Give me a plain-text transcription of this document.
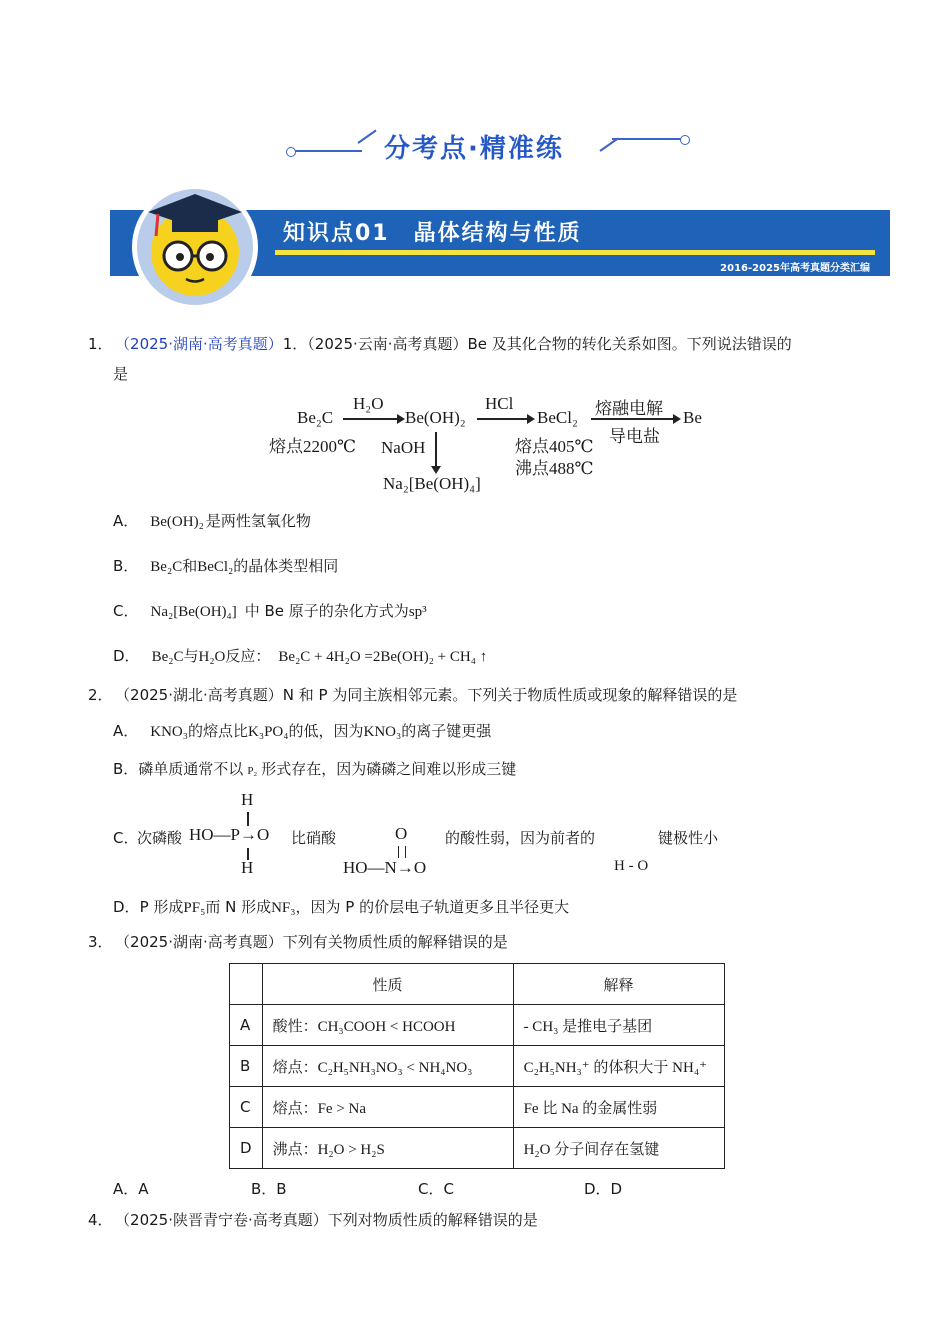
分考点·精准练
知识点01　晶体结构与性质
2016-2025年高考真题分类汇编
1． （2025·湖南·高考真题）1．（2025·云南·高考真题）Be 及其化合物的转化关系如图。下列说法错误的
是
Be₂C
熔点2200℃
H₂O
Be(OH)₂
HCl
BeCl₂
熔点405℃
沸点488℃
熔融电解
导电盐
Be
NaOH
Na₂[Be(OH)₄]
A． Be(OH)₂ 是两性氢氧化物
B． Be₂C和BeCl₂的晶体类型相同
C． Na₂[Be(OH)₄] 中 Be 原子的杂化方式为sp³
D． Be₂C与H₂O反应： Be₂C + 4H₂O =2Be(OH)₂ + CH₄ ↑
2． （2025·湖北·高考真题）N 和 P 为同主族相邻元素。下列关于物质性质或现象的解释错误的是
A． KNO₃的熔点比K₃PO₄的低，因为KNO₃的离子键更强
B．磷单质通常不以 P₂ 形式存在，因为磷磷之间难以形成三键
C．
次磷酸
H
HO—P→O
H
比硝酸	O
HO—N→O
的酸性弱，因为前者的	键极性小
H - O
D．P 形成PF₅而 N 形成NF₃，因为 P 的价层电子轨道更多且半径更大
3． （2025·湖南·高考真题）下列有关物质性质的解释错误的是
	性质	解释
A	酸性：CH₃COOH < HCOOH	- CH₃ 是推电子基团
B	熔点：C₂H₅NH₃NO₃ < NH₄NO₃	C₂H₅NH₃⁺ 的体积大于 NH₄⁺
C	熔点：Fe > Na	Fe 比 Na 的金属性弱
D	沸点：H₂O > H₂S	H₂O 分子间存在氢键
A．A	B．B	C．C	D．D
4． （2025·陕晋青宁卷·高考真题）下列对物质性质的解释错误的是
